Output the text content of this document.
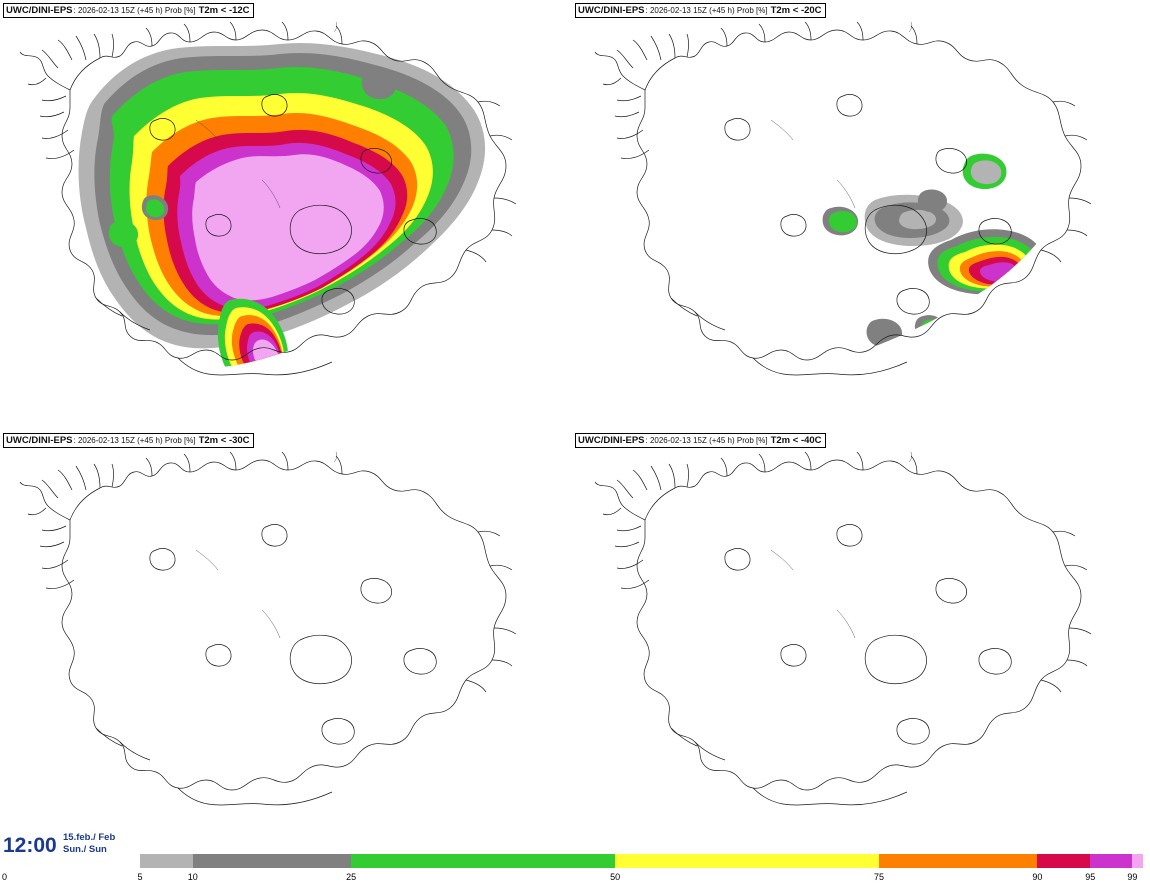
UWC/DINI-EPS : 2026-02-13 15Z (+45 h) Prob [%] T2m < -12C	UWC/DINI-EPS : 2026-02-13 15Z (+45 h) Prob [%] T2m < -20C
UWC/DINI-EPS : 2026-02-13 15Z (+45 h) Prob [%] T2m < -30C	UWC/DINI-EPS : 2026-02-13 15Z (+45 h) Prob [%] T2m < -40C
12:00 15.feb./ Feb
Sun./ Sun
0	5	10	25	50	75	90	95	99
